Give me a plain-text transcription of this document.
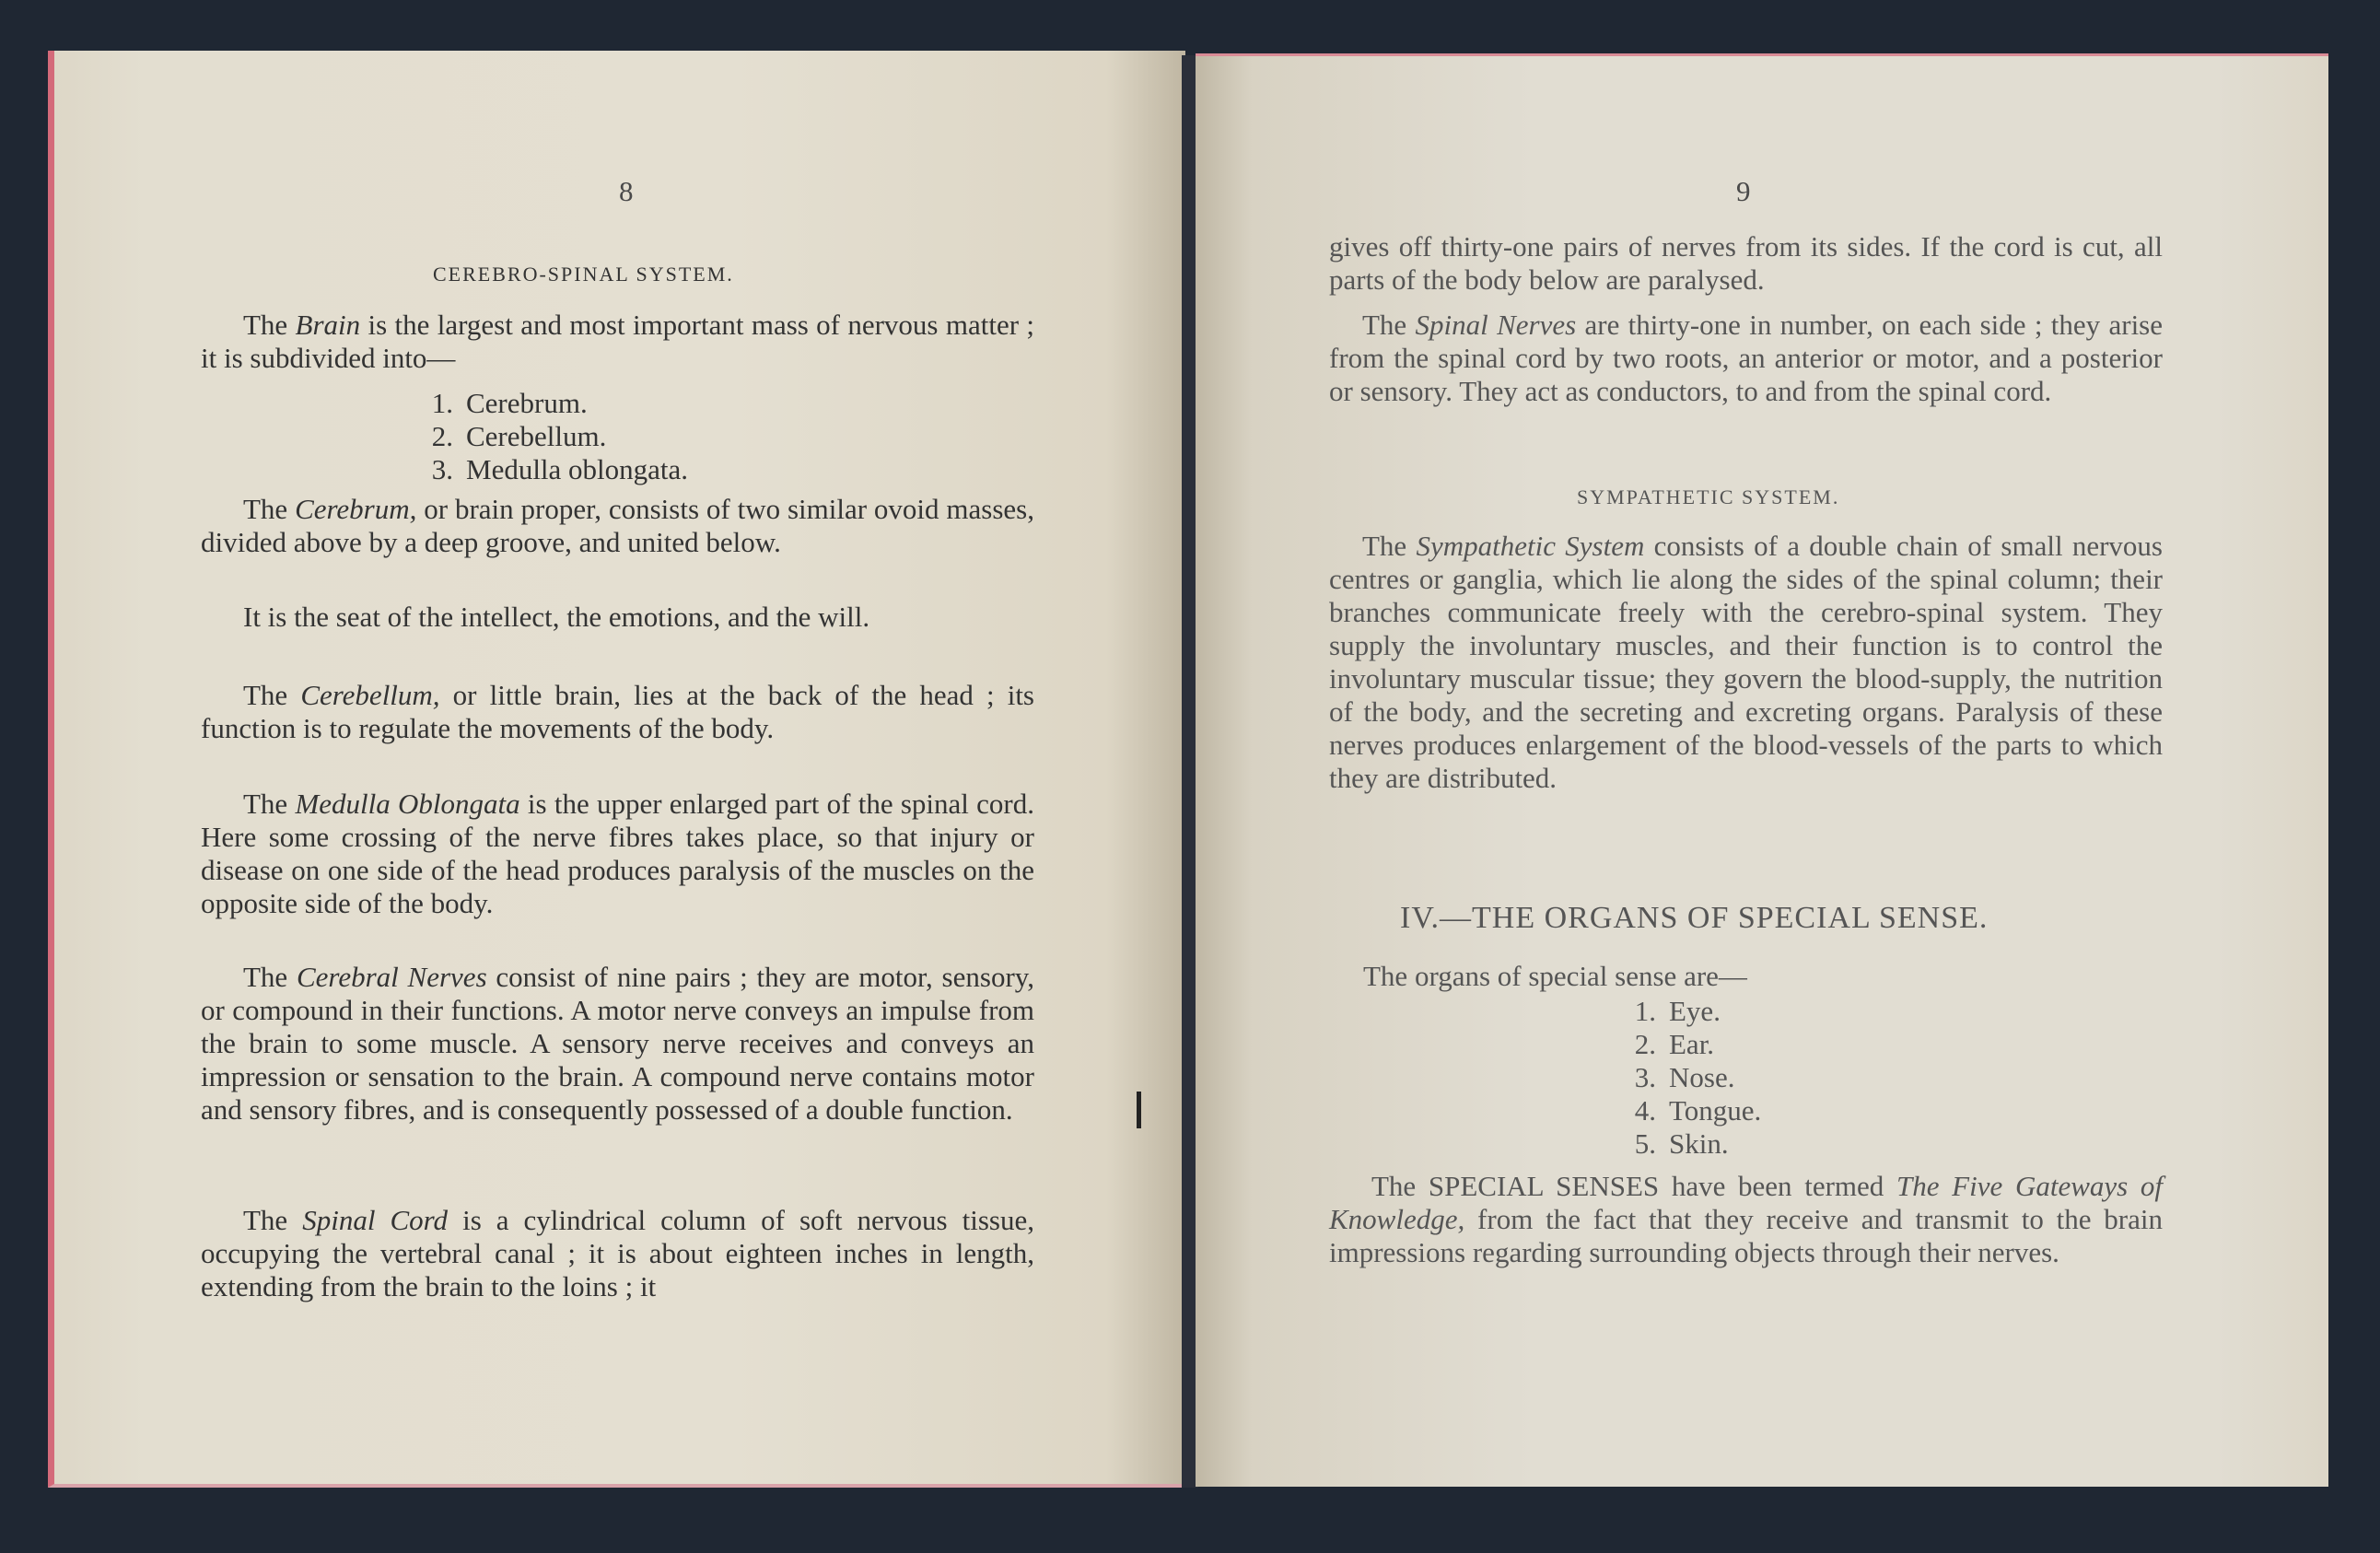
8
CEREBRO-SPINAL SYSTEM.

The Brain is the largest and most important mass of nervous matter ; it is subdivided into—

1. Cerebrum.
2. Cerebellum.
3. Medulla oblongata.

The Cerebrum, or brain proper, consists of two similar ovoid masses, divided above by a deep groove, and united below.

It is the seat of the intellect, the emotions, and the will.

The Cerebellum, or little brain, lies at the back of the head ; its function is to regulate the movements of the body.

The Medulla Oblongata is the upper enlarged part of the spinal cord. Here some crossing of the nerve fibres takes place, so that injury or disease on one side of the head produces paralysis of the muscles on the opposite side of the body.

The Cerebral Nerves consist of nine pairs ; they are motor, sensory, or compound in their functions. A motor nerve conveys an impulse from the brain to some muscle. A sensory nerve receives and conveys an impression or sensation to the brain. A compound nerve contains motor and sensory fibres, and is consequently possessed of a double function.

The Spinal Cord is a cylindrical column of soft nervous tissue, occupying the vertebral canal ; it is about eighteen inches in length, extending from the brain to the loins ; it

9

gives off thirty-one pairs of nerves from its sides. If the cord is cut, all parts of the body below are paralysed.

The Spinal Nerves are thirty-one in number, on each side ; they arise from the spinal cord by two roots, an anterior or motor, and a posterior or sensory. They act as conductors, to and from the spinal cord.

SYMPATHETIC SYSTEM.

The Sympathetic System consists of a double chain of small nervous centres or ganglia, which lie along the sides of the spinal column; their branches communicate freely with the cerebro-spinal system. They supply the involuntary muscles, and their function is to control the involuntary muscular tissue; they govern the blood-supply, the nutrition of the body, and the secreting and excreting organs. Paralysis of these nerves produces enlargement of the blood-vessels of the parts to which they are distributed.

IV.—THE ORGANS OF SPECIAL SENSE.

The organs of special sense are—

1. Eye.
2. Ear.
3. Nose.
4. Tongue.
5. Skin.

The SPECIAL SENSES have been termed The Five Gateways of Knowledge, from the fact that they receive and transmit to the brain impressions regarding surrounding objects through their nerves.
